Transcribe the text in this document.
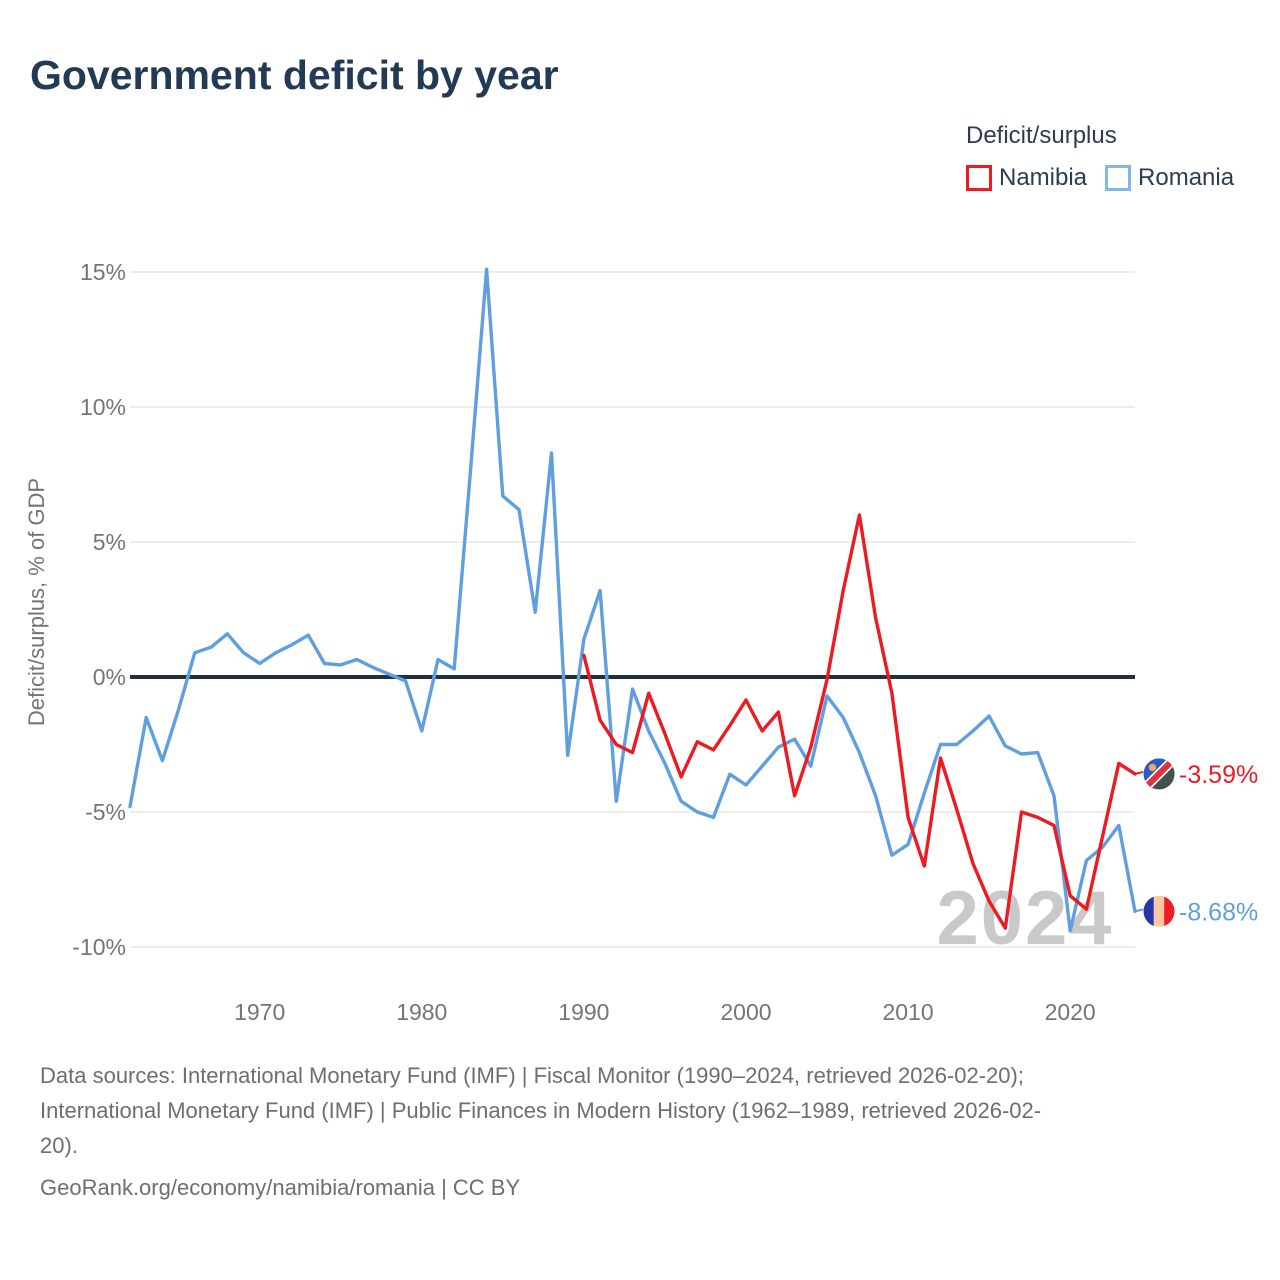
2024
15%
10%
5%
0%
-5%
-10%
1970	1980	1990	2000	2010	2020
Deficit/surplus, % of GDP
-3.59%
-8.68%
Government deficit by year
Deficit/surplus
Namibia Romania
Data sources: International Monetary Fund (IMF) | Fiscal Monitor (1990–2024, retrieved 2026-02-20);
International Monetary Fund (IMF) | Public Finances in Modern History (1962–1989, retrieved 2026-02-
20).
GeoRank.org/economy/namibia/romania | CC BY
